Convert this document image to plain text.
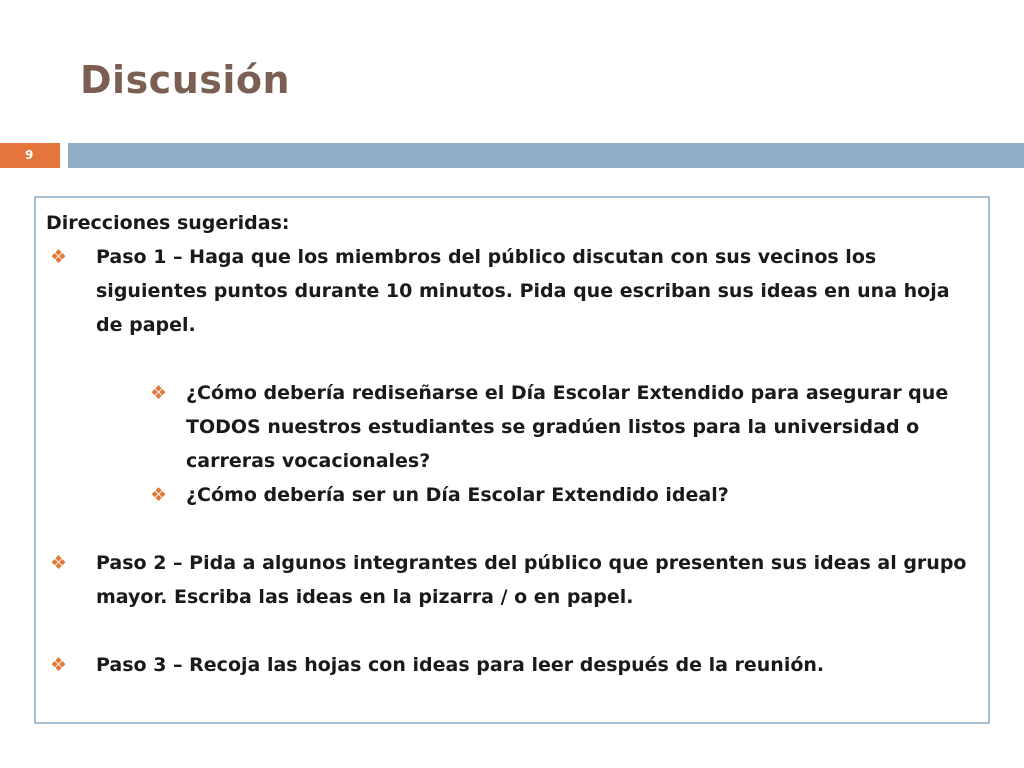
Discusión
9

Direcciones sugeridas:

❖ Paso 1 – Haga que los miembros del público discutan con sus vecinos los siguientes puntos durante 10 minutos. Pida que escriban sus ideas en una hoja de papel.
❖ ¿Cómo debería rediseñarse el Día Escolar Extendido para asegurar que TODOS nuestros estudiantes se gradúen listos para la universidad o carreras vocacionales?
❖ ¿Cómo debería ser un Día Escolar Extendido ideal?
❖ Paso 2 – Pida a algunos integrantes del público que presenten sus ideas al grupo mayor. Escriba las ideas en la pizarra / o en papel.
❖ Paso 3 – Recoja las hojas con ideas para leer después de la reunión.
